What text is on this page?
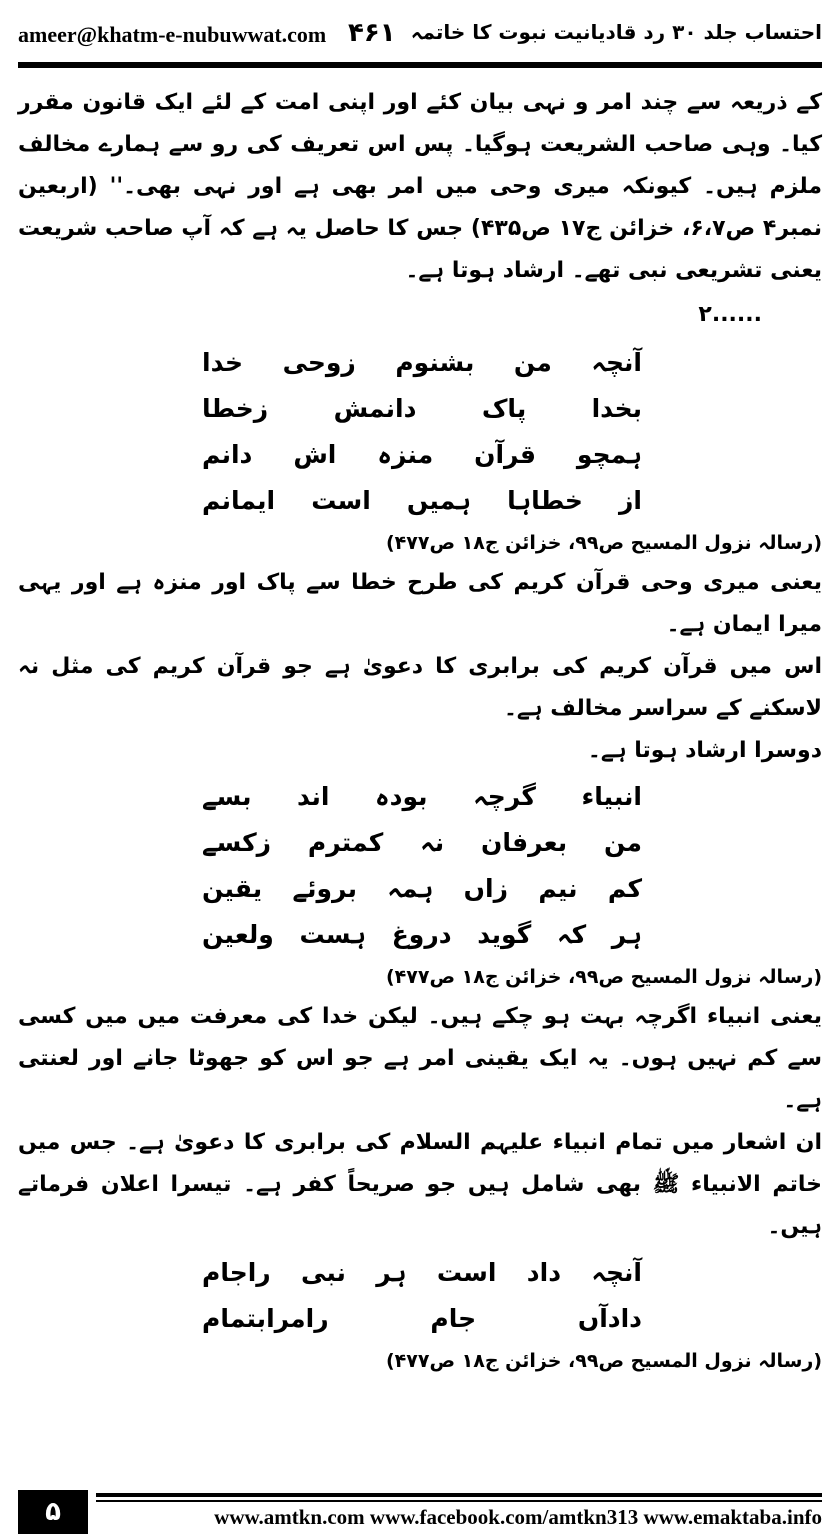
ameer@khatm-e-nubuwwat.com ۴۶۱ احتساب جلد ۳۰ رد قادیانیت نبوت کا خاتمہ

کے ذریعہ سے چند امر و نہی بیان کئے اور اپنی امت کے لئے ایک قانون مقرر کیا۔ وہی صاحب الشریعت ہوگیا۔ پس اس تعریف کی رو سے ہمارے مخالف ملزم ہیں۔ کیونکہ میری وحی میں امر بھی ہے اور نہی بھی۔'' (اربعین نمبر۴ ص۶،۷، خزائن ج۱۷ ص۴۳۵) جس کا حاصل یہ ہے کہ آپ صاحب شریعت یعنی تشریعی نبی تھے۔ ارشاد ہوتا ہے۔

......۲

آنچہ
من
بشنوم
زوحی
خدا
بخدا
پاک
دانمش
زخطا
ہمچو
قرآن
منزہ
اش
دانم
از
خطاہا
ہمیں
است
ایمانم

(رسالہ نزول المسیح ص۹۹، خزائن ج۱۸ ص۴۷۷)

یعنی میری وحی قرآن کریم کی طرح خطا سے پاک اور منزہ ہے اور یہی میرا ایمان ہے۔

اس میں قرآن کریم کی برابری کا دعویٰ ہے جو قرآن کریم کی مثل نہ لاسکنے کے سراسر مخالف ہے۔

دوسرا ارشاد ہوتا ہے۔

انبیاء
گرچہ
بودہ
اند
بسے
من
بعرفان
نہ
کمترم
زکسے
کم
نیم
زاں
ہمہ
بروئے
یقین
ہر
کہ
گوید
دروغ
ہست
ولعین

(رسالہ نزول المسیح ص۹۹، خزائن ج۱۸ ص۴۷۷)

یعنی انبیاء اگرچہ بہت ہو چکے ہیں۔ لیکن خدا کی معرفت میں میں کسی سے کم نہیں ہوں۔ یہ ایک یقینی امر ہے جو اس کو جھوٹا جانے اور لعنتی ہے۔

ان اشعار میں تمام انبیاء علیہم السلام کی برابری کا دعویٰ ہے۔ جس میں خاتم الانبیاء ﷺ بھی شامل ہیں جو صریحاً کفر ہے۔ تیسرا اعلان فرماتے ہیں۔

آنچہ
داد
است
ہر
نبی
راجام
دادآں
جام
رامرابتمام

(رسالہ نزول المسیح ص۹۹، خزائن ج۱۸ ص۴۷۷)

۵	www.amtkn.com www.facebook.com/amtkn313 www.emaktaba.info
